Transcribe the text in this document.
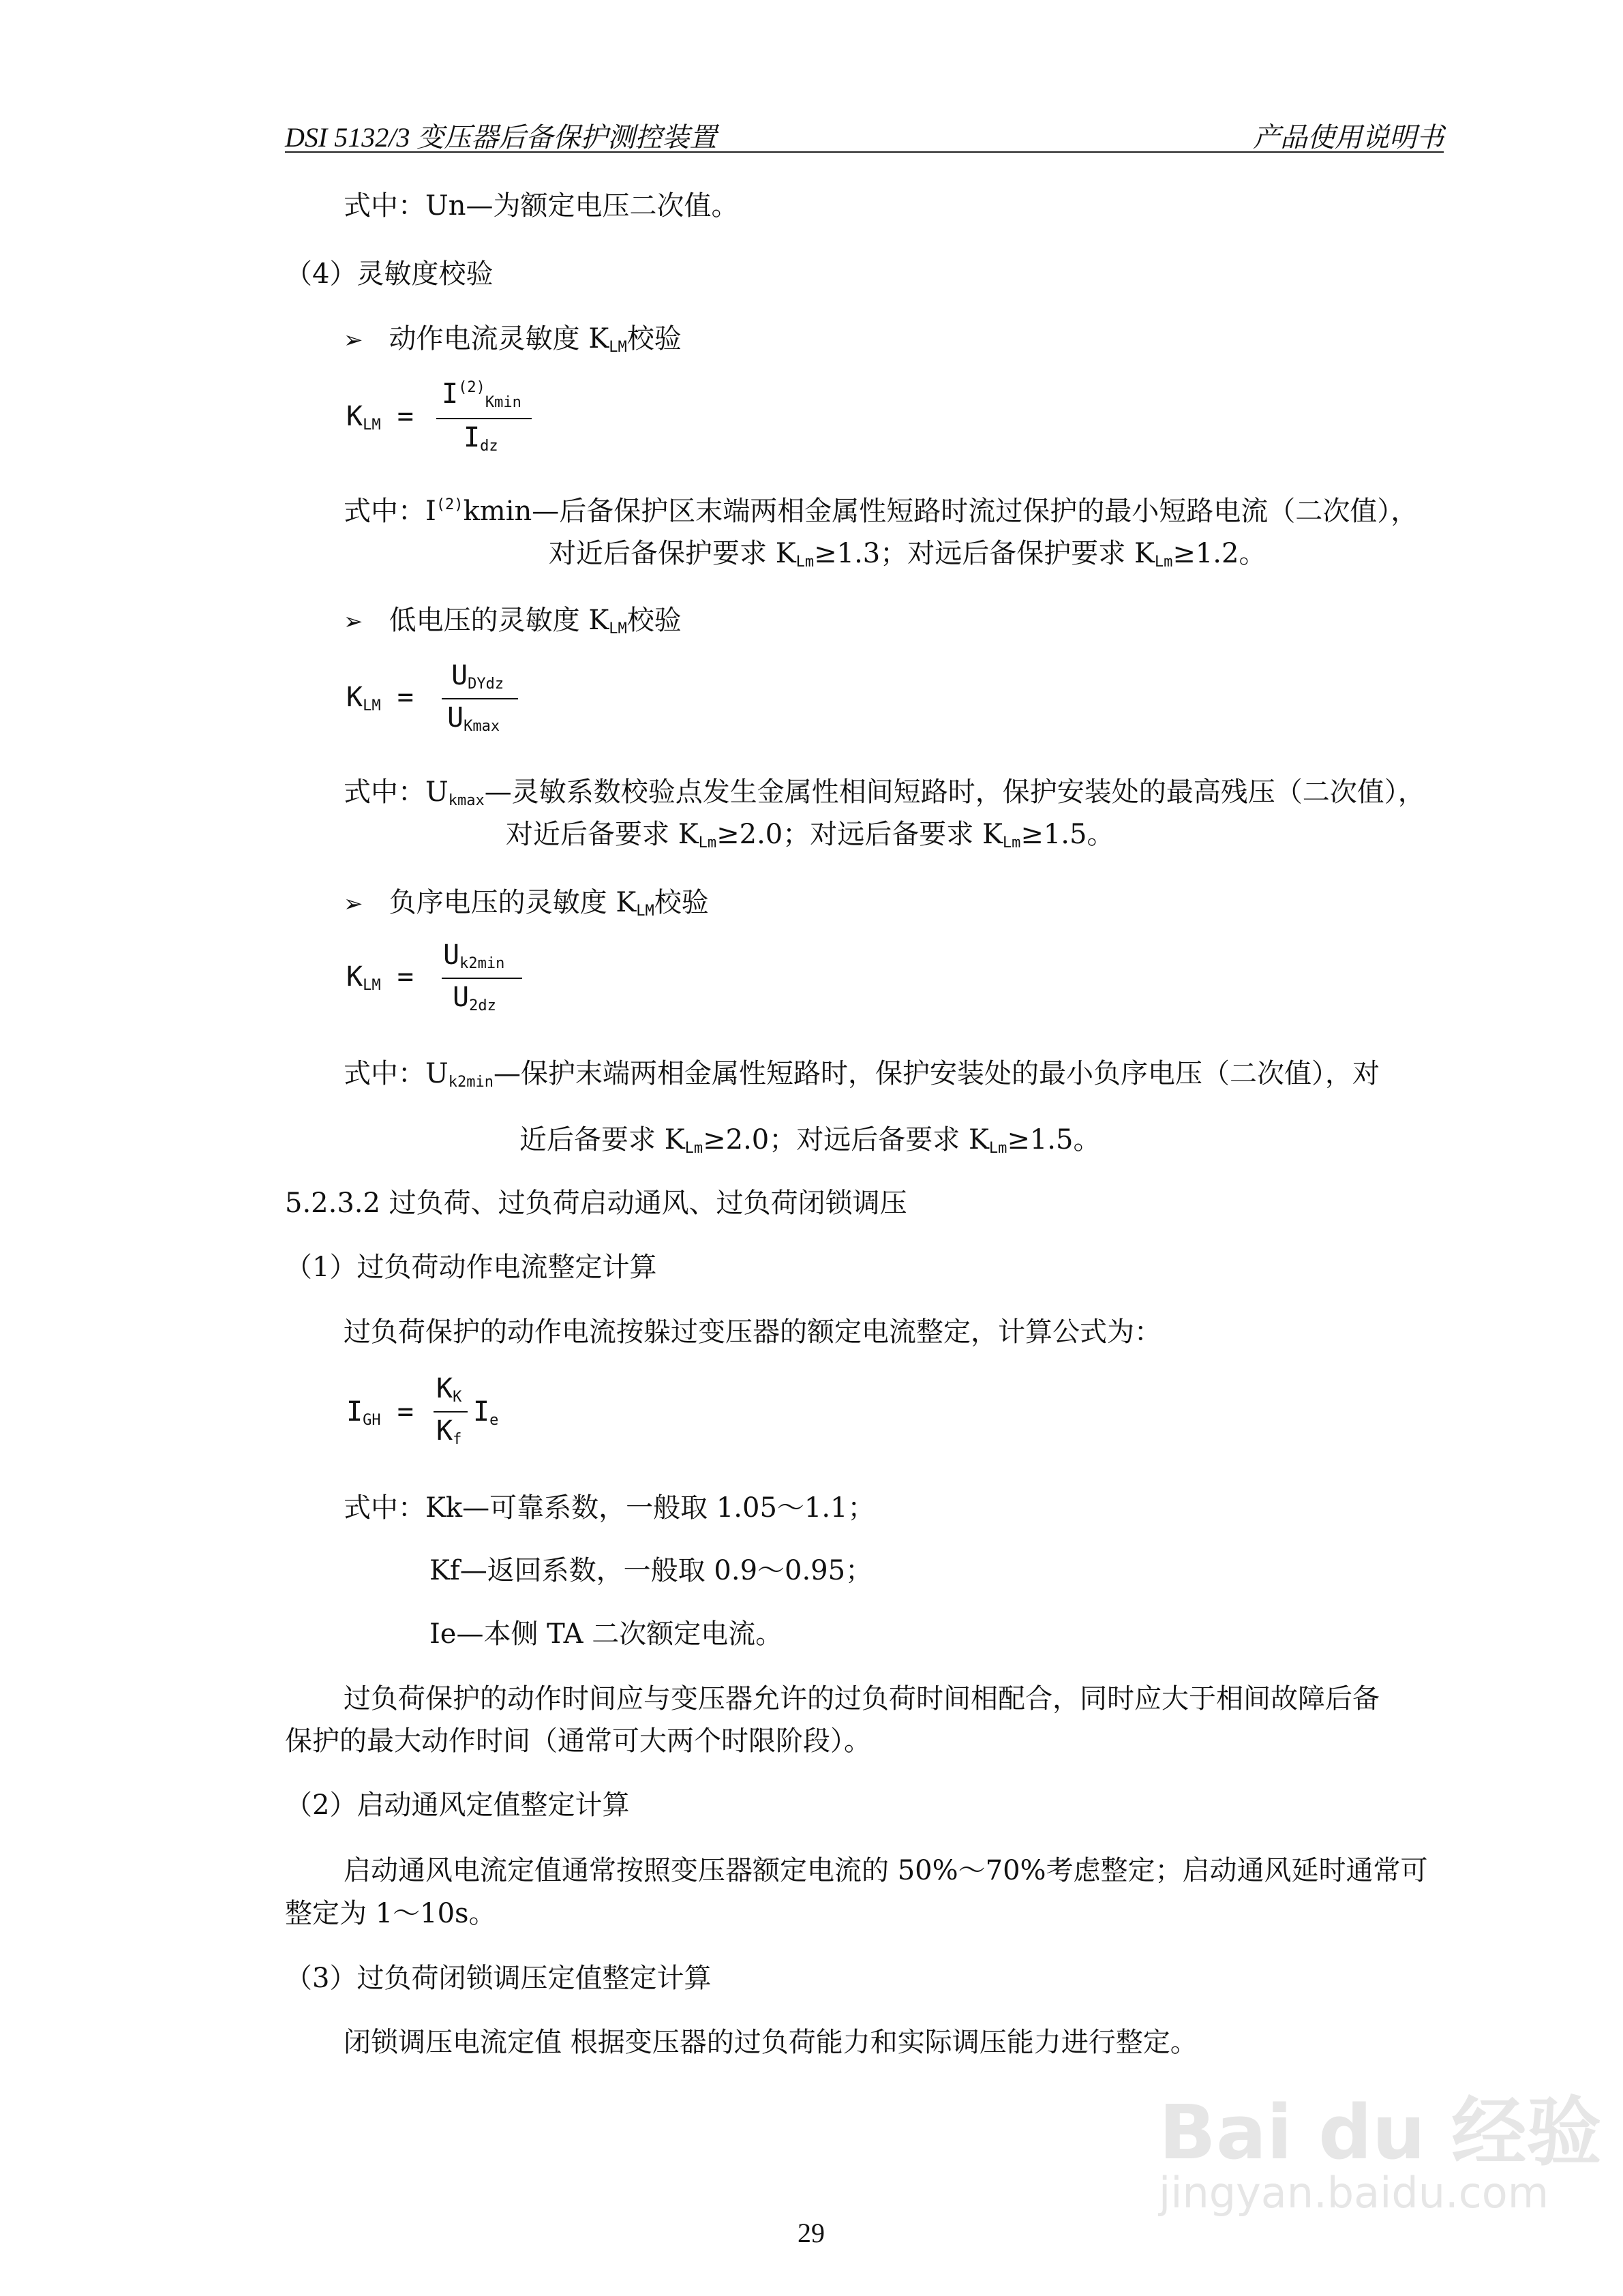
DSI 5132/3 变压器后备保护测控装置	产品使用说明书
式中：Un—为额定电压二次值。
（4）灵敏度校验
➢ 动作电流灵敏度 $K_{LM}$校验
$K_{LM}$ =
$I^{(2)}_{Kmin}$
$I_{dz}$
式中：$I^{(2)}kmin—$后备保护区末端两相金属性短路时流过保护的最小短路电流（二次值），
对近后备保护要求 $K_{Lm}\ge 1.3$；对远后备保护要求 $K_{Lm}\ge 1.2$。
➢ 低电压的灵敏度 $K_{LM}$校验
$K_{LM}$ =
$U_{DYdz}$
$U_{Kmax}$
式中：$U_{kmax}—$灵敏系数校验点发生金属性相间短路时，保护安装处的最高残压（二次值），
对近后备要求 $K_{Lm}\ge 2.0$；对远后备要求 $K_{Lm}\ge 1.5$。
➢ 负序电压的灵敏度 $K_{LM}$校验
$K_{LM}$ =
$U_{k2min}$
$U_{2dz}$
式中：$U_{k2min}—$保护末端两相金属性短路时，保护安装处的最小负序电压（二次值），对
近后备要求 $K_{Lm}\ge 2.0$；对远后备要求 $K_{Lm}\ge 1.5$。
5.2.3.2 过负荷、过负荷启动通风、过负荷闭锁调压
（1）过负荷动作电流整定计算
过负荷保护的动作电流按躲过变压器的额定电流整定，计算公式为：
$I_{GH}$ =
$K_K$
$K_f$
$I_e$
式中：Kk—可靠系数，一般取 1.05～1.1；
Kf—返回系数，一般取 0.9～0.95；
Ie—本侧 TA 二次额定电流。
过负荷保护的动作时间应与变压器允许的过负荷时间相配合，同时应大于相间故障后备
保护的最大动作时间（通常可大两个时限阶段）。
（2）启动通风定值整定计算
启动通风电流定值通常按照变压器额定电流的 50%～70%考虑整定；启动通风延时通常可
整定为 1～10s。
（3）过负荷闭锁调压定值整定计算
闭锁调压电流定值 根据变压器的过负荷能力和实际调压能力进行整定。
Bai du 经验
jingyan.baidu.com
29
